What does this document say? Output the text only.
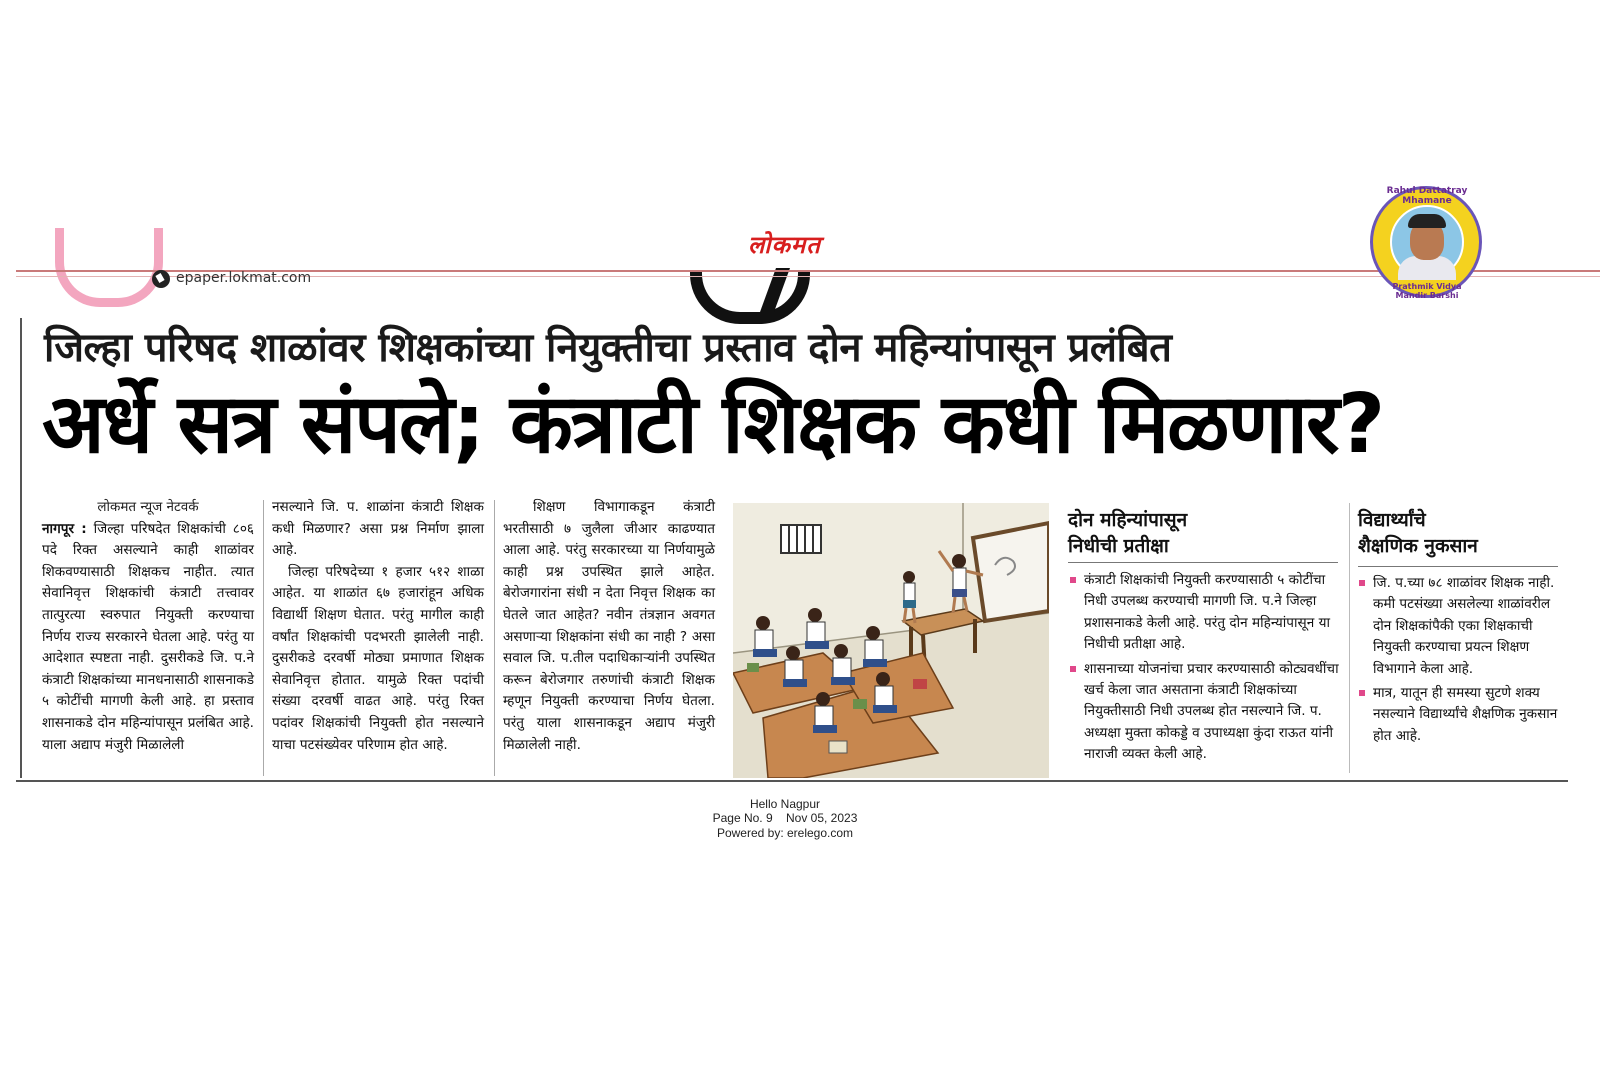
लोकमत
epaper.lokmat.com
Rahul Dattatray Mhamane
Prathmik Vidya Mandir Barshi
जिल्हा परिषद शाळांवर शिक्षकांच्या नियुक्तीचा प्रस्ताव दोन महिन्यांपासून प्रलंबित
अर्धे सत्र संपले; कंत्राटी शिक्षक कधी मिळणार?

लोकमत न्यूज नेटवर्क

नागपूर : जिल्हा परिषदेत शिक्षकांची ८०६ पदे रिक्त असल्याने काही शाळांवर शिकवण्यासाठी शिक्षकच नाहीत. त्यात सेवानिवृत्त शिक्षकांची कंत्राटी तत्त्वावर तात्पुरत्या स्वरुपात नियुक्ती करण्याचा निर्णय राज्य सरकारने घेतला आहे. परंतु या आदेशात स्पष्टता नाही. दुसरीकडे जि. प.ने कंत्राटी शिक्षकांच्या मानधनासाठी शासनाकडे ५ कोटींची मागणी केली आहे. हा प्रस्ताव शासनाकडे दोन महिन्यांपासून प्रलंबित आहे. याला अद्याप मंजुरी मिळालेली

नसल्याने जि. प. शाळांना कंत्राटी शिक्षक कधी मिळणार? असा प्रश्न निर्माण झाला आहे.

जिल्हा परिषदेच्या १ हजार ५१२ शाळा आहेत. या शाळांत ६७ हजारांहून अधिक विद्यार्थी शिक्षण घेतात. परंतु मागील काही वर्षांत शिक्षकांची पदभरती झालेली नाही. दुसरीकडे दरवर्षी मोठ्या प्रमाणात शिक्षक सेवानिवृत्त होतात. यामुळे रिक्त पदांची संख्या दरवर्षी वाढत आहे. परंतु रिक्त पदांवर शिक्षकांची नियुक्ती होत नसल्याने याचा पटसंख्येवर परिणाम होत आहे.

शिक्षण विभागाकडून कंत्राटी भरतीसाठी ७ जुलैला जीआर काढण्यात आला आहे. परंतु सरकारच्या या निर्णयामुळे काही प्रश्न उपस्थित झाले आहेत. बेरोजगारांना संधी न देता निवृत्त शिक्षक का घेतले जात आहेत? नवीन तंत्रज्ञान अवगत असणाऱ्या शिक्षकांना संधी का नाही ? असा सवाल जि. प.तील पदाधिकाऱ्यांनी उपस्थित करून बेरोजगार तरुणांची कंत्राटी शिक्षक म्हणून नियुक्ती करण्याचा निर्णय घेतला. परंतु याला शासनाकडून अद्याप मंजुरी मिळालेली नाही.

दोन महिन्यांपासून
निधीची प्रतीक्षा
कंत्राटी शिक्षकांची नियुक्ती करण्यासाठी ५ कोटींचा निधी उपलब्ध करण्याची मागणी जि. प.ने जिल्हा प्रशासनाकडे केली आहे. परंतु दोन महिन्यांपासून या निधीची प्रतीक्षा आहे.
शासनाच्या योजनांचा प्रचार करण्यासाठी कोट्यवधींचा खर्च केला जात असताना कंत्राटी शिक्षकांच्या नियुक्तीसाठी निधी उपलब्ध होत नसल्याने जि. प. अध्यक्षा मुक्ता कोकड्डे व उपाध्यक्षा कुंदा राऊत यांनी नाराजी व्यक्त केली आहे.
विद्यार्थ्यांचे
शैक्षणिक नुकसान
जि. प.च्या ७८ शाळांवर शिक्षक नाही. कमी पटसंख्या असलेल्या शाळांवरील दोन शिक्षकांपैकी एका शिक्षकाची नियुक्ती करण्याचा प्रयत्न शिक्षण विभागाने केला आहे.
मात्र, यातून ही समस्या सुटणे शक्य नसल्याने विद्यार्थ्यांचे शैक्षणिक नुकसान होत आहे.
Hello Nagpur
Page No. 9    Nov 05, 2023
Powered by: erelego.com
